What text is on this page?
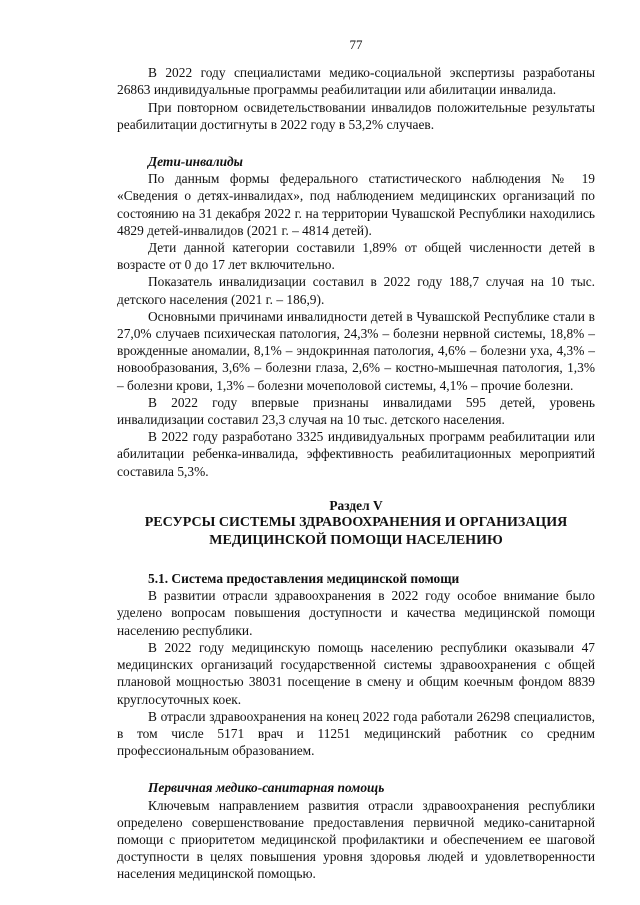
77

В 2022 году специалистами медико-социальной экспертизы разработаны 26863 индивидуальные программы реабилитации или абилитации инвалида.

При повторном освидетельствовании инвалидов положительные результаты реабилитации достигнуты в 2022 году в 53,2% случаев.

Дети-инвалиды

По данным формы федерального статистического наблюдения № 19 «Сведения о детях-инвалидах», под наблюдением медицинских организаций по состоянию на 31 декабря 2022 г. на территории Чувашской Республики находились 4829 детей-инвалидов (2021 г. – 4814 детей).

Дети данной категории составили 1,89% от общей численности детей в возрасте от 0 до 17 лет включительно.

Показатель инвалидизации составил в 2022 году 188,7 случая на 10 тыс. детского населения (2021 г. – 186,9).

Основными причинами инвалидности детей в Чувашской Республике стали в 27,0% случаев психическая патология, 24,3% – болезни нервной системы, 18,8% – врожденные аномалии, 8,1% – эндокринная патология, 4,6% – болезни уха, 4,3% – новообразования, 3,6% – болезни глаза, 2,6% – костно-мышечная патология, 1,3% – болезни крови, 1,3% – болезни мочеполовой системы, 4,1% – прочие болезни.

В 2022 году впервые признаны инвалидами 595 детей, уровень инвалидизации составил 23,3 случая на 10 тыс. детского населения.

В 2022 году разработано 3325 индивидуальных программ реабилитации или абилитации ребенка-инвалида, эффективность реабилитационных мероприятий составила 5,3%.

Раздел V

РЕСУРСЫ СИСТЕМЫ ЗДРАВООХРАНЕНИЯ И ОРГАНИЗАЦИЯ

МЕДИЦИНСКОЙ ПОМОЩИ НАСЕЛЕНИЮ

5.1. Система предоставления медицинской помощи

В развитии отрасли здравоохранения в 2022 году особое внимание было уделено вопросам повышения доступности и качества медицинской помощи населению республики.

В 2022 году медицинскую помощь населению республики оказывали 47 медицинских организаций государственной системы здравоохранения с общей плановой мощностью 38031 посещение в смену и общим коечным фондом 8839 круглосуточных коек.

В отрасли здравоохранения на конец 2022 года работали 26298 специалистов, в том числе 5171 врач и 11251 медицинский работник со средним профессиональным образованием.

Первичная медико-санитарная помощь

Ключевым направлением развития отрасли здравоохранения республики определено совершенствование предоставления первичной медико-санитарной помощи с приоритетом медицинской профилактики и обеспечением ее шаговой доступности в целях повышения уровня здоровья людей и удовлетворенности населения медицинской помощью.
